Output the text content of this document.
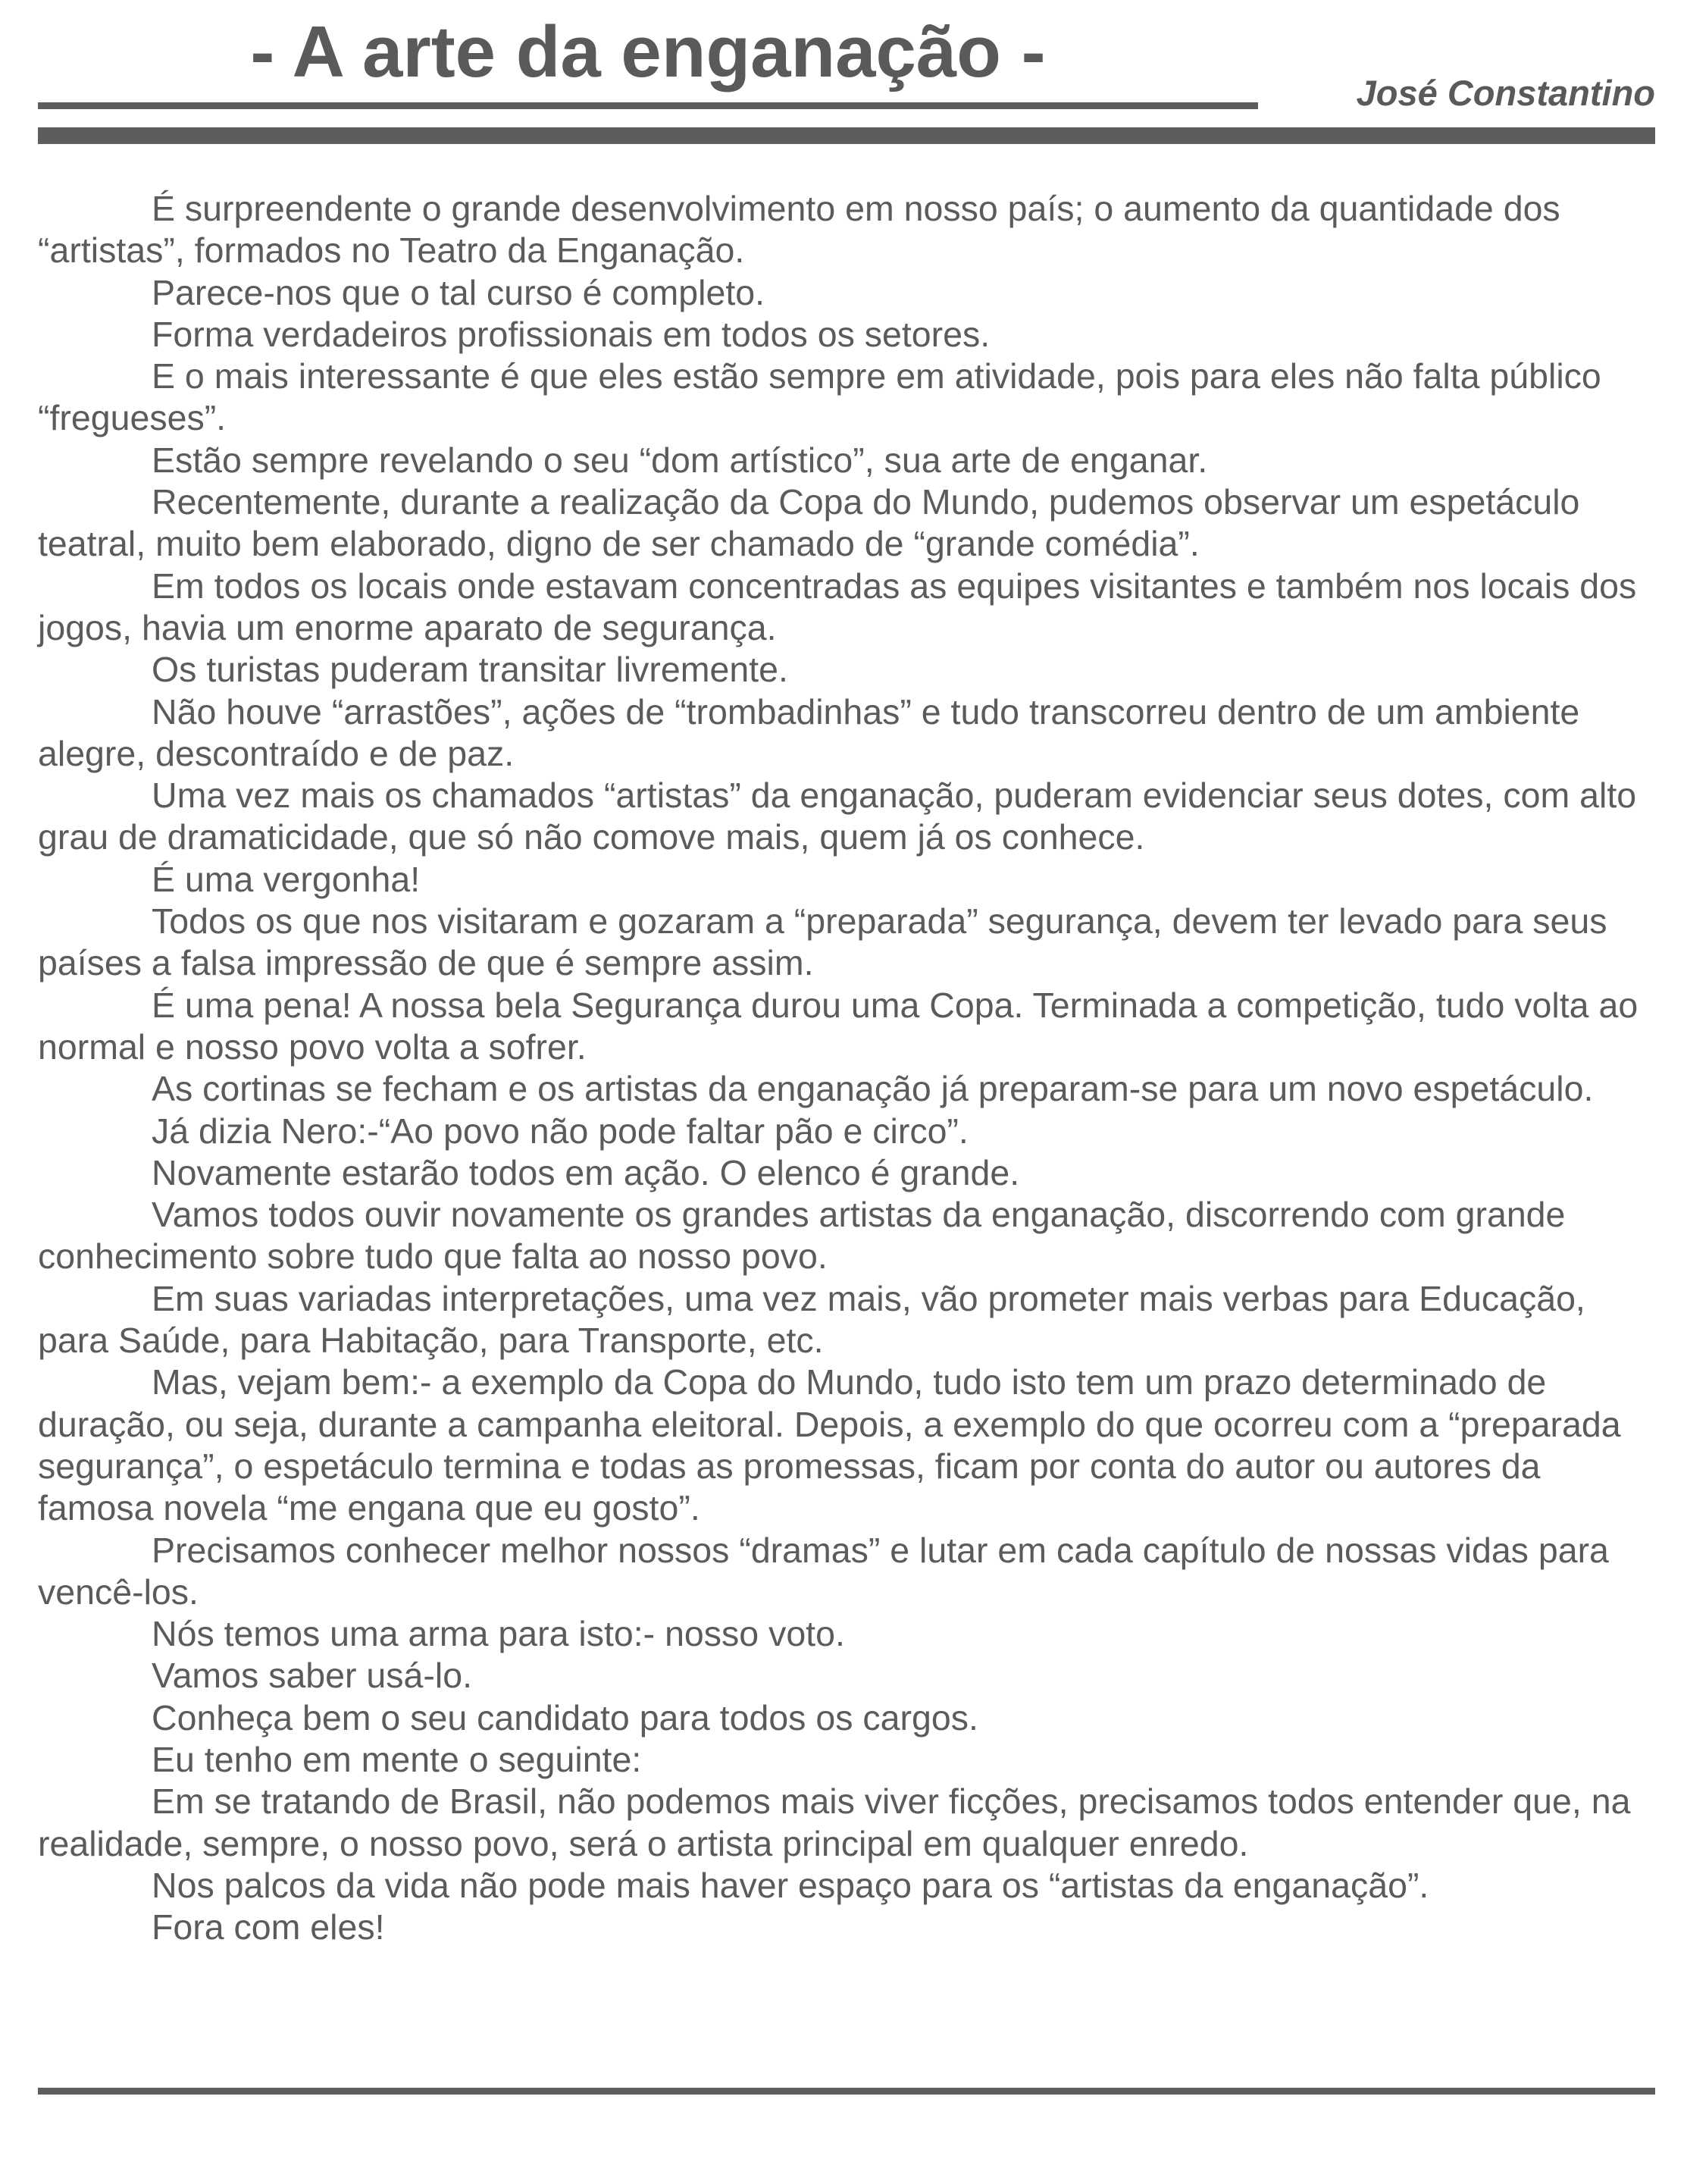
- A arte da enganação -
José Constantino

É surpreendente o grande desenvolvimento em nosso país; o aumento da quantidade dos “artistas”, formados no Teatro da Enganação.

Parece-nos que o tal curso é completo.

Forma verdadeiros profissionais em todos os setores.

E o mais interessante é que eles estão sempre em atividade, pois para eles não falta público “fregueses”.

Estão sempre revelando o seu “dom artístico”, sua arte de enganar.

Recentemente, durante a realização da Copa do Mundo, pudemos observar um espetáculo teatral, muito bem elaborado, digno de ser chamado de “grande comédia”.

Em todos os locais onde estavam concentradas as equipes visitantes e também nos locais dos jogos, havia um enorme aparato de segurança.

Os turistas puderam transitar livremente.

Não houve “arrastões”, ações de “trombadinhas” e tudo transcorreu dentro de um ambiente alegre, descontraído e de paz.

Uma vez mais os chamados “artistas” da enganação, puderam evidenciar seus dotes, com alto grau de dramaticidade, que só não comove mais, quem já os conhece.

É uma vergonha!

Todos os que nos visitaram e gozaram a “preparada” segurança, devem ter levado para seus países a falsa impressão de que é sempre assim.

É uma pena! A nossa bela Segurança durou uma Copa. Terminada a competição, tudo volta ao normal e nosso povo volta a sofrer.

As cortinas se fecham e os artistas da enganação já preparam-se para um novo espetáculo.

Já dizia Nero:-“Ao povo não pode faltar pão e circo”.

Novamente estarão todos em ação. O elenco é grande.

Vamos todos ouvir novamente os grandes artistas da enganação, discorrendo com grande conhecimento sobre tudo que falta ao nosso povo.

Em suas variadas interpretações, uma vez mais, vão prometer mais verbas para Educação, para Saúde, para Habitação, para Transporte, etc.

Mas, vejam bem:- a exemplo da Copa do Mundo, tudo isto tem um prazo determinado de duração, ou seja, durante a campanha eleitoral. Depois, a exemplo do que ocorreu com a “preparada segurança”, o espetáculo termina e todas as promessas, ficam por conta do autor ou autores da famosa novela “me engana que eu gosto”.

Precisamos conhecer melhor nossos “dramas” e lutar em cada capítulo de nossas vidas para vencê-los.

Nós temos uma arma para isto:- nosso voto.

Vamos saber usá-lo.

Conheça bem o seu candidato para todos os cargos.

Eu tenho em mente o seguinte:

Em se tratando de Brasil, não podemos mais viver ficções, precisamos todos entender que, na realidade, sempre, o nosso povo, será o artista principal em qualquer enredo.

Nos palcos da vida não pode mais haver espaço para os “artistas da enganação”.

Fora com eles!
